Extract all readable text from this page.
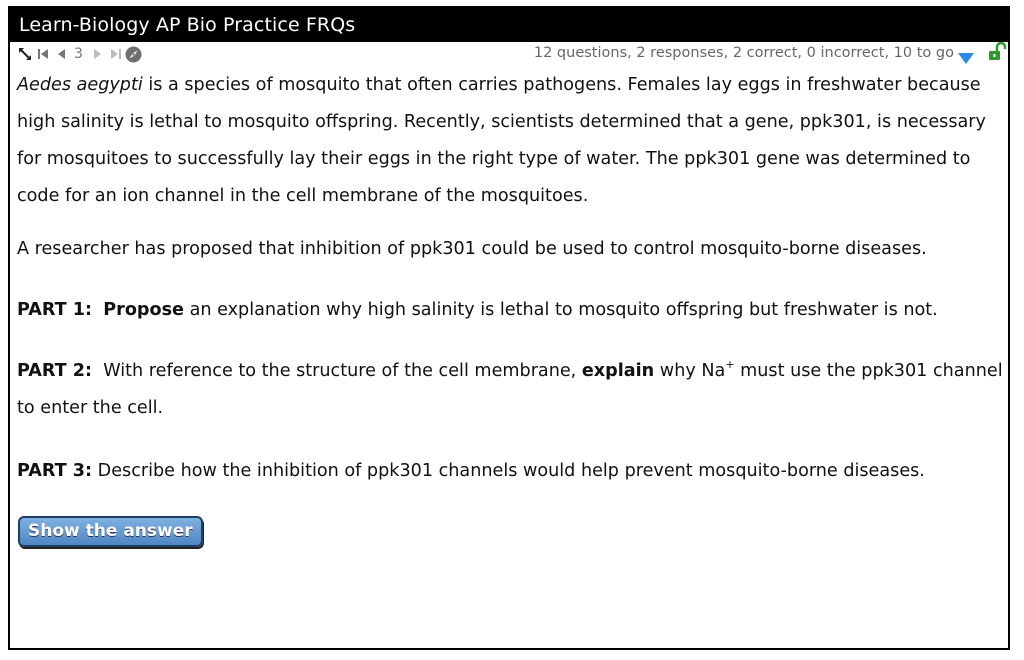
Learn-Biology AP Bio Practice FRQs
3	12 questions, 2 responses, 2 correct, 0 incorrect, 10 to go

Aedes aegypti is a species of mosquito that often carries pathogens. Females lay eggs in freshwater because high salinity is lethal to mosquito offspring. Recently, scientists determined that a gene, ppk301, is necessary for mosquitoes to successfully lay their eggs in the right type of water. The ppk301 gene was determined to code for an ion channel in the cell membrane of the mosquitoes.

A researcher has proposed that inhibition of ppk301 could be used to control mosquito-borne diseases.

PART 1: Propose an explanation why high salinity is lethal to mosquito offspring but freshwater is not.

PART 2:  With reference to the structure of the cell membrane, explain why Na+ must use the ppk301 channel to enter the cell.

PART 3: Describe how the inhibition of ppk301 channels would help prevent mosquito-borne diseases.

Show the answer
